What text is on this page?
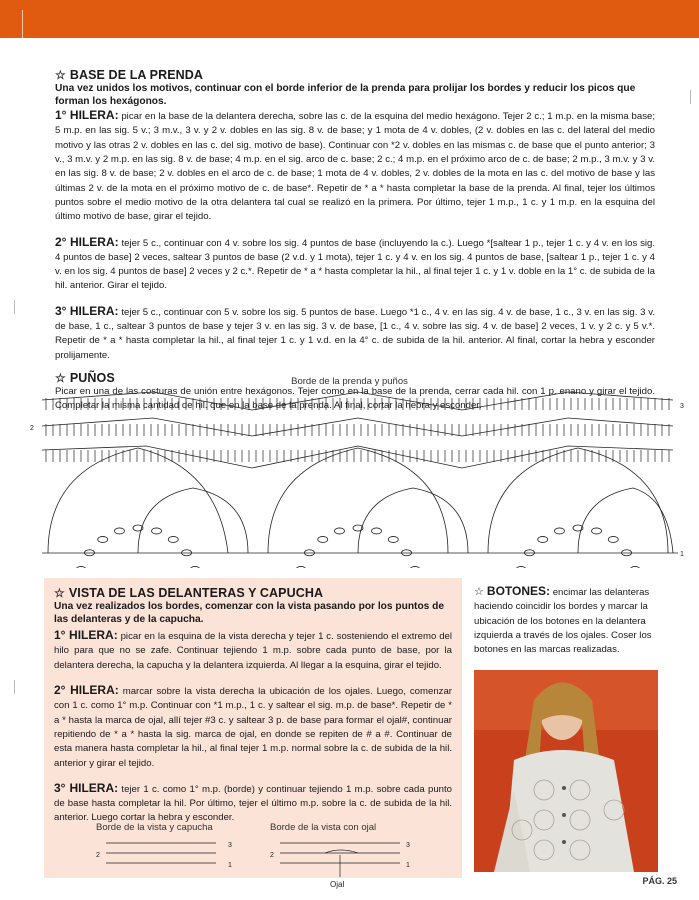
☆ BASE DE LA PRENDA
Una vez unidos los motivos, continuar con el borde inferior de la prenda para prolijar los bordes y reducir los picos que forman los hexágonos.

1° HILERA: picar en la base de la delantera derecha, sobre las c. de la esquina del medio hexágono. Tejer 2 c.; 1 m.p. en la misma base; 5 m.p. en las sig. 5 v.; 3 m.v., 3 v. y 2 v. dobles en las sig. 8 v. de base; y 1 mota de 4 v. dobles, (2 v. dobles en las c. del lateral del medio motivo y las otras 2 v. dobles en las c. del sig. motivo de base). Continuar con *2 v. dobles en las mismas c. de base que el punto anterior; 3 v., 3 m.v. y 2 m.p. en las sig. 8 v. de base; 4 m.p. en el sig. arco de c. base; 2 c.; 4 m.p. en el próximo arco de c. de base; 2 m.p., 3 m.v. y 3 v. en las sig. 8 v. de base; 2 v. dobles en el arco de c. de base; 1 mota de 4 v. dobles, 2 v. dobles de la mota en las c. del motivo de base y las últimas 2 v. de la mota en el próximo motivo de c. de base*. Repetir de * a * hasta completar la base de la prenda. Al final, tejer los últimos puntos sobre el medio motivo de la otra delantera tal cual se realizó en la primera. Por último, tejer 1 m.p., 1 c. y 1 m.p. en la esquina del último motivo de base, girar el tejido.

2° HILERA: tejer 5 c., continuar con 4 v. sobre los sig. 4 puntos de base (incluyendo la c.). Luego *[saltear 1 p., tejer 1 c. y 4 v. en los sig. 4 puntos de base] 2 veces, saltear 3 puntos de base (2 v.d. y 1 mota), tejer 1 c. y 4 v. en los sig. 4 puntos de base, [saltear 1 p., tejer 1 c. y 4 v. en los sig. 4 puntos de base] 2 veces y 2 c.*. Repetir de * a * hasta completar la hil., al final tejer 1 c. y 1 v. doble en la 1° c. de subida de la hil. anterior. Girar el tejido.

3° HILERA: tejer 5 c., continuar con 5 v. sobre los sig. 5 puntos de base. Luego *1 c., 4 v. en las sig. 4 v. de base, 1 c., 3 v. en las sig. 3 v. de base, 1 c., saltear 3 puntos de base y tejer 3 v. en las sig. 3 v. de base, [1 c., 4 v. sobre las sig. 4 v. de base] 2 veces, 1 v. y 2 c. y 5 v.*. Repetir de * a * hasta completar la hil., al final tejer 1 c. y 1 v.d. en la 4° c. de subida de la hil. anterior. Al final, cortar la hebra y esconder prolijamente.

☆ PUÑOS

Picar en una de las costuras de unión entre hexágonos. Tejer como en la base de la prenda, cerrar cada hil. con 1 p. enano y girar el tejido. Completar la misma cantidad de hil. que en la base de la prenda. Al final, cortar la hebra y esconder.

Borde de la prenda y puños
3
2
1
☆ VISTA DE LAS DELANTERAS Y CAPUCHA
Una vez realizados los bordes, comenzar con la vista pasando por los puntos de las delanteras y de la capucha.

1° HILERA: picar en la esquina de la vista derecha y tejer 1 c. sosteniendo el extremo del hilo para que no se zafe. Continuar tejiendo 1 m.p. sobre cada punto de base, por la delantera derecha, la capucha y la delantera izquierda. Al llegar a la esquina, girar el tejido.

2° HILERA: marcar sobre la vista derecha la ubicación de los ojales. Luego, comenzar con 1 c. como 1° m.p. Continuar con *1 m.p., 1 c. y saltear el sig. m.p. de base*. Repetir de * a * hasta la marca de ojal, allí tejer #3 c. y saltear 3 p. de base para formar el ojal#, continuar repitiendo de * a * hasta la sig. marca de ojal, en donde se repiten de # a #. Continuar de esta manera hasta completar la hil., al final tejer 1 m.p. normal sobre la c. de subida de la hil. anterior y girar el tejido.

3° HILERA: tejer 1 c. como 1° m.p. (borde) y continuar tejiendo 1 m.p. sobre cada punto de base hasta completar la hil. Por último, tejer el último m.p. sobre la c. de subida de la hil. anterior. Luego cortar la hebra y esconder.

Borde de la vista y capucha
3
2
1
Borde de la vista con ojal
3
2
1
Ojal

☆ BOTONES: encimar las delanteras haciendo coincidir los bordes y marcar la ubicación de los botones en la delantera izquierda a través de los ojales. Coser los botones en las marcas realizadas.

PÁG. 25
